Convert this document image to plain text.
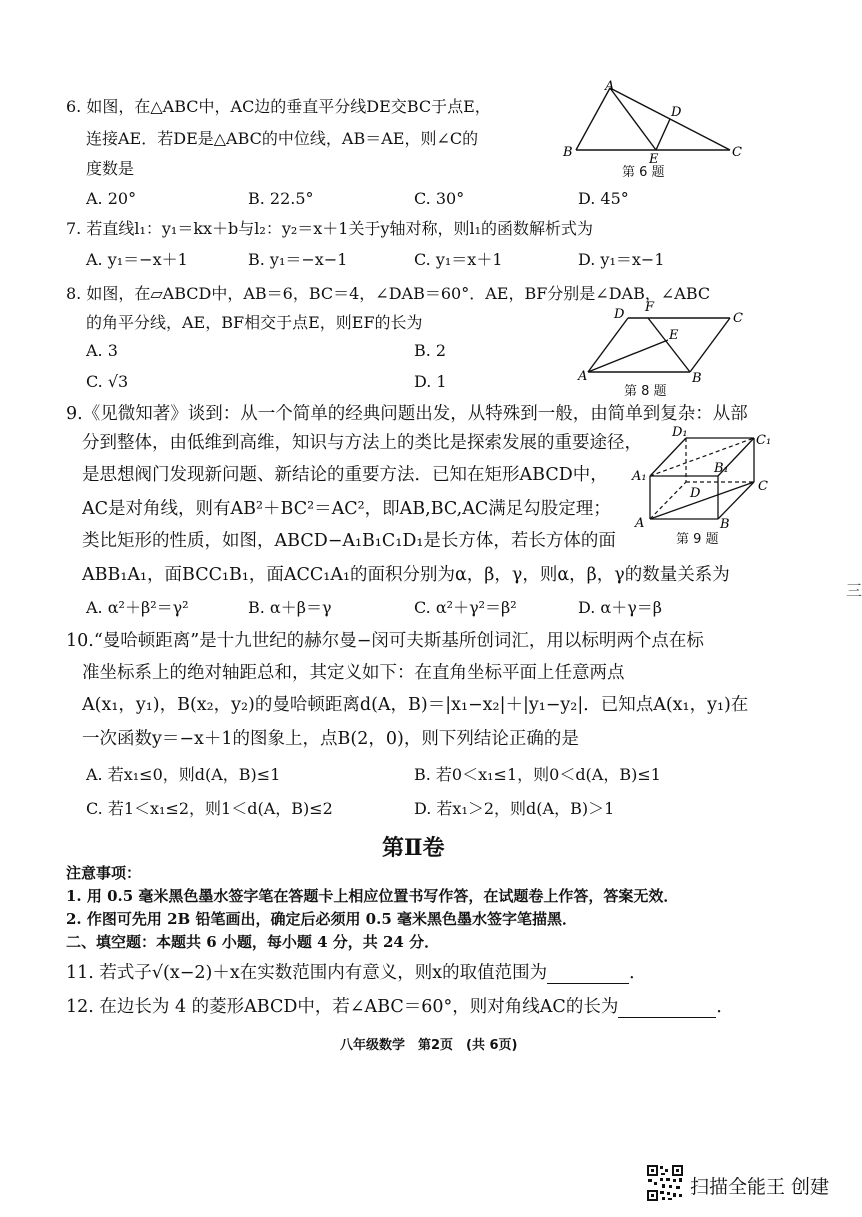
6. 如图，在△ABC中，AC边的垂直平分线DE交BC于点E，
连接AE．若DE是△ABC的中位线，AB＝AE，则∠C的
度数是
A. 20°	B. 22.5°	C. 30°	D. 45°
A
B	C
D
E
第 6 题
7. 若直线l₁：y₁＝kx＋b与l₂：y₂＝x＋1关于y轴对称，则l₁的函数解析式为
A. y₁＝−x＋1	B. y₁＝−x−1	C. y₁＝x＋1	D. y₁＝x−1
8. 如图，在▱ABCD中，AB＝6，BC＝4，∠DAB＝60°．AE，BF分别是∠DAB，∠ABC
的角平分线，AE，BF相交于点E，则EF的长为
A. 3	B. 2
C. √3	D. 1	A	B
C
D
E
F
第 8 题
9.《见微知著》谈到：从一个简单的经典问题出发，从特殊到一般，由简单到复杂：从部
分到整体，由低维到高维，知识与方法上的类比是探索发展的重要途径，
是思想阀门发现新问题、新结论的重要方法．已知在矩形ABCD中，
AC是对角线，则有AB²＋BC²＝AC²，即AB,BC,AC满足勾股定理；
类比矩形的性质，如图，ABCD−A₁B₁C₁D₁是长方体，若长方体的面
ABB₁A₁，面BCC₁B₁，面ACC₁A₁的面积分别为α，β，γ，则α，β，γ的数量关系为
A. α²＋β²＝γ²	B. α＋β＝γ	C. α²＋γ²＝β²	D. α＋γ＝β
A	B
C
D
A₁
B₁
C₁
D₁
第 9 题
三
10.“曼哈顿距离”是十九世纪的赫尔曼−闵可夫斯基所创词汇，用以标明两个点在标
准坐标系上的绝对轴距总和，其定义如下：在直角坐标平面上任意两点
A(x₁，y₁)，B(x₂，y₂)的曼哈顿距离d(A，B)＝|x₁−x₂|＋|y₁−y₂|．已知点A(x₁，y₁)在
一次函数y＝−x＋1的图象上，点B(2，0)，则下列结论正确的是
A. 若x₁≤0，则d(A，B)≤1	B. 若0＜x₁≤1，则0＜d(A，B)≤1
C. 若1＜x₁≤2，则1＜d(A，B)≤2	D. 若x₁＞2，则d(A，B)＞1
第Ⅱ卷
注意事项：
1. 用 0.5 毫米黑色墨水签字笔在答题卡上相应位置书写作答，在试题卷上作答，答案无效．
2. 作图可先用 2B 铅笔画出，确定后必须用 0.5 毫米黑色墨水签字笔描黑．
二、填空题：本题共 6 小题，每小题 4 分，共 24 分．
11. 若式子√(x−2)＋x在实数范围内有意义，则x的取值范围为	．
12. 在边长为 4 的菱形ABCD中，若∠ABC＝60°，则对角线AC的长为	．
八年级数学　第2页　(共 6页)
扫描全能王 创建
